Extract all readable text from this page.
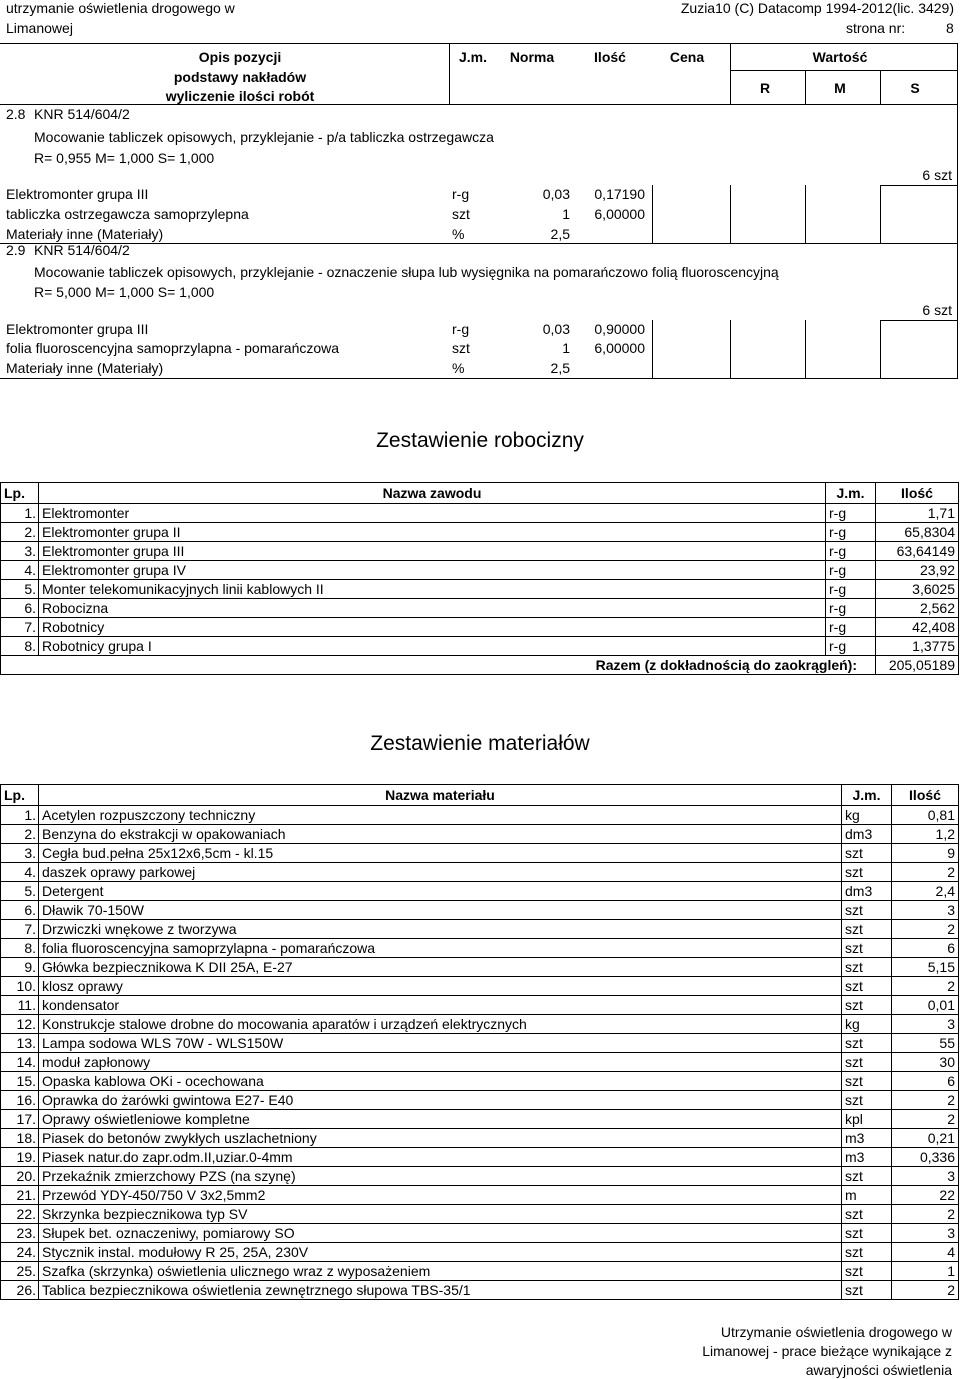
utrzymanie oświetlenia drogowego w
Limanowej
Zuzia10 (C) Datacomp 1994-2012(lic. 3429)
strona nr:	8
Opis pozycji
podstawy nakładów
wyliczenie ilości robót
J.m.	Norma	Ilość	Cena	Wartość
R	M	S
2.8 KNR 514/604/2
Mocowanie tabliczek opisowych, przyklejanie - p/a tabliczka ostrzegawcza
R= 0,955 M= 1,000 S= 1,000
6 szt
Elektromonter grupa III	r-g	0,03	0,17190
tabliczka ostrzegawcza samoprzylepna	szt	1	6,00000
Materiały inne (Materiały)	%	2,5
2.9 KNR 514/604/2
Mocowanie tabliczek opisowych, przyklejanie - oznaczenie słupa lub wysięgnika na pomarańczowo folią fluoroscencyjną
R= 5,000 M= 1,000 S= 1,000
6 szt
Elektromonter grupa III	r-g	0,03	0,90000
folia fluoroscencyjna samoprzylapna - pomarańczowa	szt	1	6,00000
Materiały inne (Materiały)	%	2,5
Zestawienie robocizny
Lp.	Nazwa zawodu	J.m.	Ilość
1.	Elektromonter	r-g	1,71
2.	Elektromonter grupa II	r-g	65,8304
3.	Elektromonter grupa III	r-g	63,64149
4.	Elektromonter grupa IV	r-g	23,92
5.	Monter telekomunikacyjnych linii kablowych II	r-g	3,6025
6.	Robocizna	r-g	2,562
7.	Robotnicy	r-g	42,408
8.	Robotnicy grupa I	r-g	1,3775
Razem (z dokładnością do zaokrągleń):			205,05189
Zestawienie materiałów
Lp.	Nazwa materiału	J.m.	Ilość
1.	Acetylen rozpuszczony techniczny	kg	0,81
2.	Benzyna do ekstrakcji w opakowaniach	dm3	1,2
3.	Cegła bud.pełna 25x12x6,5cm - kl.15	szt	9
4.	daszek oprawy parkowej	szt	2
5.	Detergent	dm3	2,4
6.	Dławik 70-150W	szt	3
7.	Drzwiczki wnękowe z tworzywa	szt	2
8.	folia fluoroscencyjna samoprzylapna - pomarańczowa	szt	6
9.	Główka bezpiecznikowa K DII 25A, E-27	szt	5,15
10.	klosz oprawy	szt	2
11.	kondensator	szt	0,01
12.	Konstrukcje stalowe drobne do mocowania aparatów i urządzeń elektrycznych	kg	3
13.	Lampa sodowa WLS 70W - WLS150W	szt	55
14.	moduł zapłonowy	szt	30
15.	Opaska kablowa OKi - ocechowana	szt	6
16.	Oprawka do żarówki gwintowa E27- E40	szt	2
17.	Oprawy oświetleniowe kompletne	kpl	2
18.	Piasek do betonów zwykłych uszlachetniony	m3	0,21
19.	Piasek natur.do zapr.odm.II,uziar.0-4mm	m3	0,336
20.	Przekaźnik zmierzchowy PZS (na szynę)	szt	3
21.	Przewód YDY-450/750 V 3x2,5mm2	m	22
22.	Skrzynka bezpiecznikowa typ SV	szt	2
23.	Słupek bet. oznaczeniwy, pomiarowy SO	szt	3
24.	Stycznik instal. modułowy R 25, 25A, 230V	szt	4
25.	Szafka (skrzynka) oświetlenia ulicznego wraz z wyposażeniem	szt	1
26.	Tablica bezpiecznikowa oświetlenia zewnętrznego słupowa TBS-35/1	szt	2
Utrzymanie oświetlenia drogowego w
Limanowej - prace bieżące wynikające z
awaryjności oświetlenia
